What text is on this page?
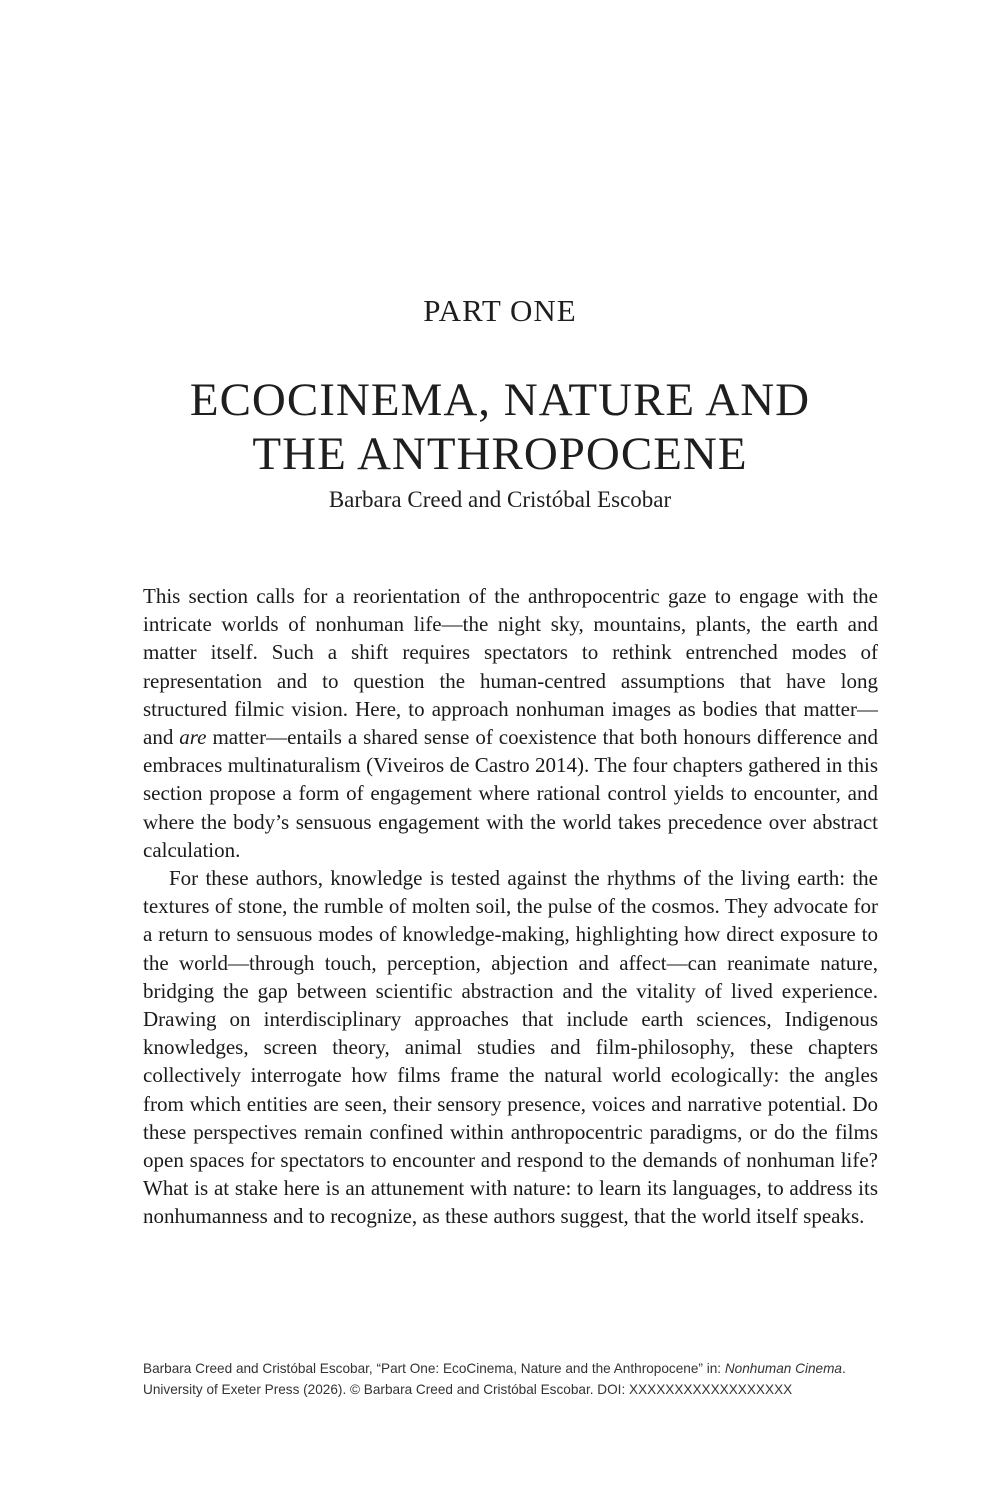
PART ONE
ECOCINEMA, NATURE AND
THE ANTHROPOCENE
Barbara Creed and Cristóbal Escobar

This section calls for a reorientation of the anthropocentric gaze to engage with the intricate worlds of nonhuman life—the night sky, mountains, plants, the earth and matter itself. Such a shift requires spectators to rethink entrenched modes of representation and to question the human-centred assumptions that have long structured filmic vision. Here, to approach nonhuman images as bodies that matter—and are matter—entails a shared sense of coexistence that both honours difference and embraces multinaturalism (Viveiros de Castro 2014). The four chapters gathered in this section propose a form of engagement where rational control yields to encounter, and where the body’s sensuous engagement with the world takes precedence over abstract calculation.

For these authors, knowledge is tested against the rhythms of the living earth: the textures of stone, the rumble of molten soil, the pulse of the cosmos. They advocate for a return to sensuous modes of knowledge-making, highlighting how direct exposure to the world—through touch, perception, abjection and affect—can reanimate nature, bridging the gap between scientific abstraction and the vitality of lived experience. Drawing on interdisciplinary approaches that include earth sciences, Indigenous knowledges, screen theory, animal studies and film-philosophy, these chapters collectively interrogate how films frame the natural world ecologically: the angles from which entities are seen, their sensory presence, voices and narrative potential. Do these perspectives remain confined within anthropocentric paradigms, or do the films open spaces for spectators to encounter and respond to the demands of nonhuman life? What is at stake here is an attunement with nature: to learn its languages, to address its nonhumanness and to recognize, as these authors suggest, that the world itself speaks.

Barbara Creed and Cristóbal Escobar, “Part One: EcoCinema, Nature and the Anthropocene” in: Nonhuman Cinema. University of Exeter Press (2026). © Barbara Creed and Cristóbal Escobar. DOI: XXXXXXXXXXXXXXXXXX
